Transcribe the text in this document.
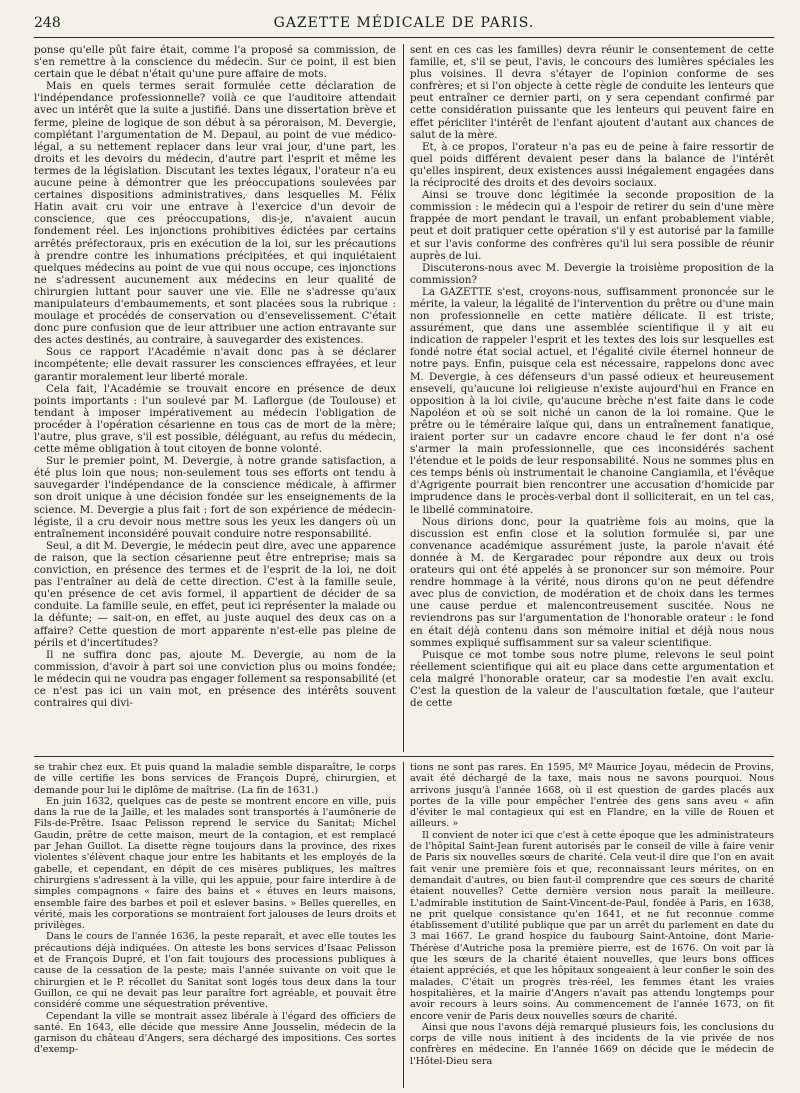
248	GAZETTE MÉDICALE DE PARIS.

ponse qu'elle pût faire était, comme l'a proposé sa commission, de s'en remettre à la conscience du médecin. Sur ce point, il est bien certain que le débat n'était qu'une pure affaire de mots.

Mais en quels termes serait formulée cette déclaration de l'indépendance professionnelle? voilà ce que l'auditoire attendait avec un intérêt que la suite a justifié. Dans une dissertation brève et ferme, pleine de logique de son début à sa péroraison, M. Devergie, complétant l'argumentation de M. Depaul, au point de vue médico-légal, a su nettement replacer dans leur vrai jour, d'une part, les droits et les devoirs du médecin, d'autre part l'esprit et même les termes de la législation. Discutant les textes légaux, l'orateur n'a eu aucune peine à démontrer que les préoccupations soulevées par certaines dispositions administratives, dans lesquelles M. Félix Hatin avait cru voir une entrave à l'exercice d'un devoir de conscience, que ces préoccupations, dis-je, n'avaient aucun fondement réel. Les injonctions prohibitives édictées par certains arrêtés préfectoraux, pris en exécution de la loi, sur les précautions à prendre contre les inhumations précipitées, et qui inquiétaient quelques médecins au point de vue qui nous occupe, ces injonctions ne s'adressent aucunement aux médecins en leur qualité de chirurgien luttant pour sauver une vie. Elle ne s'adresse qu'aux manipulateurs d'embaumements, et sont placées sous la rubrique : moulage et procédés de conservation ou d'ensevelissement. C'était donc pure confusion que de leur attribuer une action entravante sur des actes destinés, au contraire, à sauvegarder des existences.

Sous ce rapport l'Académie n'avait donc pas à se déclarer incompétente; elle devait rassurer les consciences effrayées, et leur garantir moralement leur liberté morale.

Cela fait, l'Académie se trouvait encore en présence de deux points importants : l'un soulevé par M. Laflorgue (de Toulouse) et tendant à imposer impérativement au médecin l'obligation de procéder à l'opération césarienne en tous cas de mort de la mère; l'autre, plus grave, s'il est possible, déléguant, au refus du médecin, cette même obligation à tout citoyen de bonne volonté.

Sur le premier point, M. Devergie, à notre grande satisfaction, a été plus loin que nous; non-seulement tous ses efforts ont tendu à sauvegarder l'indépendance de la conscience médicale, à affirmer son droit unique à une décision fondée sur les enseignements de la science. M. Devergie a plus fait : fort de son expérience de médecin-légiste, il a cru devoir nous mettre sous les yeux les dangers où un entraînement inconsidéré pouvait conduire notre responsabilité.

Seul, a dit M. Devergie, le médecin peut dire, avec une apparence de raison, que la section césarienne peut être entreprise; mais sa conviction, en présence des termes et de l'esprit de la loi, ne doit pas l'entraîner au delà de cette direction. C'est à la famille seule, qu'en présence de cet avis formel, il appartient de décider de sa conduite. La famille seule, en effet, peut ici représenter la malade ou la défunte; — sait-on, en effet, au juste auquel des deux cas on a affaire? Cette question de mort apparente n'est-elle pas pleine de périls et d'incertitudes?

Il ne suffira donc pas, ajoute M. Devergie, au nom de la commission, d'avoir à part soi une conviction plus ou moins fondée; le médecin qui ne voudra pas engager follement sa responsabilité (et ce n'est pas ici un vain mot, en présence des intérêts souvent contraires qui divi-

sent en ces cas les familles) devra réunir le consentement de cette famille, et, s'il se peut, l'avis, le concours des lumières spéciales les plus voisines. Il devra s'étayer de l'opinion conforme de ses confrères; et si l'on objecte à cette règle de conduite les lenteurs que peut entraîner ce dernier parti, on y sera cependant confirmé par cette considération puissante que les lenteurs qui peuvent faire en effet péricliter l'intérêt de l'enfant ajoutent d'autant aux chances de salut de la mère.

Et, à ce propos, l'orateur n'a pas eu de peine à faire ressortir de quel poids différent devaient peser dans la balance de l'intérêt qu'elles inspirent, deux existences aussi inégalement engagées dans la réciprocité des droits et des devoirs sociaux.

Ainsi se trouve donc légitimée la seconde proposition de la commission : le médecin qui a l'espoir de retirer du sein d'une mère frappée de mort pendant le travail, un enfant probablement viable, peut et doit pratiquer cette opération s'il y est autorisé par la famille et sur l'avis conforme des confrères qu'il lui sera possible de réunir auprès de lui.

Discuterons-nous avec M. Devergie la troisième proposition de la commission?

La GAZETTE s'est, croyons-nous, suffisamment prononcée sur le mérite, la valeur, la légalité de l'intervention du prêtre ou d'une main non professionnelle en cette matière délicate. Il est triste, assurément, que dans une assemblée scientifique il y ait eu indication de rappeler l'esprit et les textes des lois sur lesquelles est fondé notre état social actuel, et l'égalité civile éternel honneur de notre pays. Enfin, puisque cela est nécessaire, rappelons donc avec M. Devergie, à ces défenseurs d'un passé odieux et heureusement enseveli, qu'aucune loi religieuse n'existe aujourd'hui en France en opposition à la loi civile, qu'aucune brèche n'est faite dans le code Napoléon et où se soit niché un canon de la loi romaine. Que le prêtre ou le téméraire laïque qui, dans un entraînement fanatique, iraient porter sur un cadavre encore chaud le fer dont n'a osé s'armer la main professionnelle, que ces inconsidérés sachent l'étendue et le poids de leur responsabilité. Nous ne sommes plus en ces temps bénis où instrumentait le chanoine Cangiamila, et l'évêque d'Agrigente pourrait bien rencontrer une accusation d'homicide par imprudence dans le procès-verbal dont il solliciterait, en un tel cas, le libellé comminatoire.

Nous dirions donc, pour la quatrième fois au moins, que la discussion est enfin close et la solution formulée si, par une convenance académique assurément juste, la parole n'avait été donnée à M. de Kergaradec pour répondre aux deux ou trois orateurs qui ont été appelés à se prononcer sur son mémoire. Pour rendre hommage à la vérité, nous dirons qu'on ne peut défendre avec plus de conviction, de modération et de choix dans les termes une cause perdue et malencontreusement suscitée. Nous ne reviendrons pas sur l'argumentation de l'honorable orateur : le fond en était déjà contenu dans son mémoire initial et déjà nous nous sommes expliqué suffisamment sur sa valeur scientifique.

Puisque ce mot tombe sous notre plume, relevons le seul point réellement scientifique qui ait eu place dans cette argumentation et cela malgré l'honorable orateur, car sa modestie l'en avait exclu. C'est la question de la valeur de l'auscultation fœtale, que l'auteur de cette

se trahir chez eux. Et puis quand la maladie semble disparaître, le corps de ville certifie les bons services de François Dupré, chirurgien, et demande pour lui le diplôme de maîtrise. (La fin de 1631.)

En juin 1632, quelques cas de peste se montrent encore en ville, puis dans la rue de la Jaille, et les malades sont transportés à l'aumônerie de Fils-de-Prêtre. Isaac Pelisson reprend le service du Sanitat; Michel Gaudin, prêtre de cette maison, meurt de la contagion, et est remplacé par Jehan Guillot. La disette règne toujours dans la province, des rixes violentes s'élèvent chaque jour entre les habitants et les employés de la gabelle, et cependant, en dépit de ces misères publiques, les maîtres chirurgiens s'adressent à la ville, qui les appuie, pour faire interdire à de simples compagnons « faire des bains et « étuves en leurs maisons, ensemble faire des barbes et poil et eslever basins. » Belles querelles, en vérité, mais les corporations se montraient fort jalouses de leurs droits et privilèges.

Dans le cours de l'année 1636, la peste reparaît, et avec elle toutes les précautions déjà indiquées. On atteste les bons services d'Isaac Pelisson et de François Dupré, et l'on fait toujours des processions publiques à cause de la cessation de la peste; mais l'année suivante on voit que le chirurgien et le P. récollet du Sanitat sont logés tous deux dans la tour Guillon, ce qui ne devait pas leur paraître fort agréable, et pouvait être considéré comme une séquestration préventive.

Cependant la ville se montrait assez libérale à l'égard des officiers de santé. En 1643, elle décide que messire Anne Jousselin, médecin de la garnison du château d'Angers, sera déchargé des impositions. Ces sortes d'exemp-

tions ne sont pas rares. En 1595, Mº Maurice Joyau, médecin de Provins, avait été déchargé de la taxe, mais nous ne savons pourquoi. Nous arrivons jusqu'à l'année 1668, où il est question de gardes placés aux portes de la ville pour empêcher l'entrée des gens sans aveu « afin d'éviter le mal contagieux qui est en Flandre, en la ville de Rouen et ailleurs. »

Il convient de noter ici que c'est à cette époque que les administrateurs de l'hôpital Saint-Jean furent autorisés par le conseil de ville à faire venir de Paris six nouvelles sœurs de charité. Cela veut-il dire que l'on en avait fait venir une première fois et que, reconnaissant leurs mérites, on en demandait d'autres, ou bien faut-il comprendre que ces sœurs de charité étaient nouvelles? Cette dernière version nous paraît la meilleure. L'admirable institution de Saint-Vincent-de-Paul, fondée à Paris, en 1638, ne prit quelque consistance qu'en 1641, et ne fut reconnue comme établissement d'utilité publique que par un arrêt du parlement en date du 3 mai 1667. Le grand hospice du faubourg Saint-Antoine, dont Marie-Thérèse d'Autriche posa la première pierre, est de 1676. On voit par là que les sœurs de la charité étaient nouvelles, que leurs bons offices étaient appréciés, et que les hôpitaux songeaient à leur confier le soin des malades. C'était un progrès très-réel, les femmes étant les vraies hospitalières, et la mairie d'Angers n'avait pas attendu longtemps pour avoir recours à leurs soins. Au commencement de l'année 1673, on fit encore venir de Paris deux nouvelles sœurs de charité.

Ainsi que nous l'avons déjà remarqué plusieurs fois, les conclusions du corps de ville nous initient à des incidents de la vie privée de nos confrères en médecine. En l'année 1669 on décide que le médecin de l'Hôtel-Dieu sera
